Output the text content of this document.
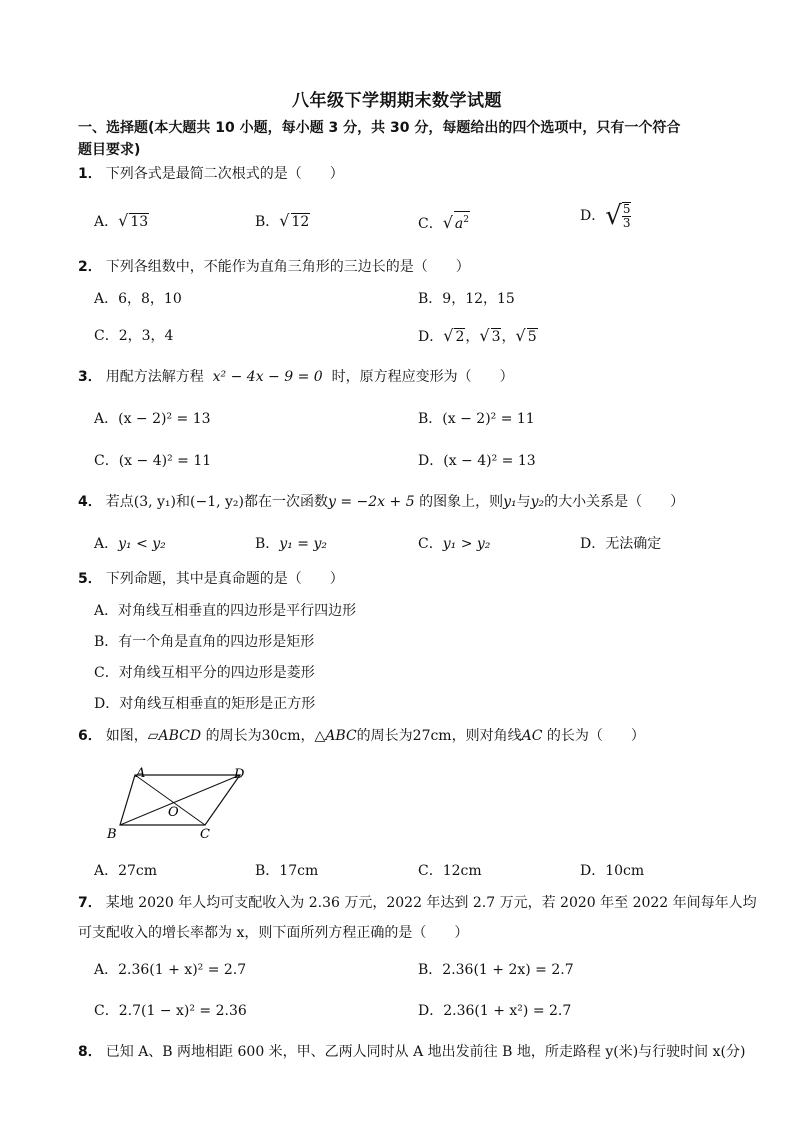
八年级下学期期末数学试题
一、选择题(本大题共 10 小题，每小题 3 分，共 30 分，每题给出的四个选项中，只有一个符合
题目要求)
1． 下列各式是最简二次根式的是（　　）
A．√ 13	B．√ 12	C．√ $a^2$	D．√ $\frac{5}{3}$
2． 下列各组数中，不能作为直角三角形的三边长的是（　　）
A．6，8，10	B．9，12，15
C．2，3，4	D．√ 2，√ 3，√ 5
3． 用配方法解方程 x² − 4x − 9 = 0 时，原方程应变形为（　　）
A．(x − 2)² = 13	B．(x − 2)² = 11
C．(x − 4)² = 11	D．(x − 4)² = 13
4． 若点(3, y₁)和(−1, y₂)都在一次函数y = −2x + 5 的图象上，则y₁与y₂的大小关系是（　　）
A．y₁ < y₂	B．y₁ = y₂	C．y₁ > y₂	D．无法确定
5． 下列命题，其中是真命题的是（　　）
A．对角线互相垂直的四边形是平行四边形
B．有一个角是直角的四边形是矩形
C．对角线互相平分的四边形是菱形
D．对角线互相垂直的矩形是正方形
6． 如图，▱ABCD 的周长为30cm，△ABC的周长为27cm，则对角线AC 的长为（　　）
A	D
B	C
O
A．27cm	B．17cm	C．12cm	D．10cm
7． 某地 2020 年人均可支配收入为 2.36 万元，2022 年达到 2.7 万元，若 2020 年至 2022 年间每年人均可支配收入的增长率都为 x，则下面所列方程正确的是（　　）
A．2.36(1 + x)² = 2.7	B．2.36(1 + 2x) = 2.7
C．2.7(1 − x)² = 2.36	D．2.36(1 + x²) = 2.7
8． 已知 A、B 两地相距 600 米，甲、乙两人同时从 A 地出发前往 B 地，所走路程 y(米)与行驶时间 x(分)
